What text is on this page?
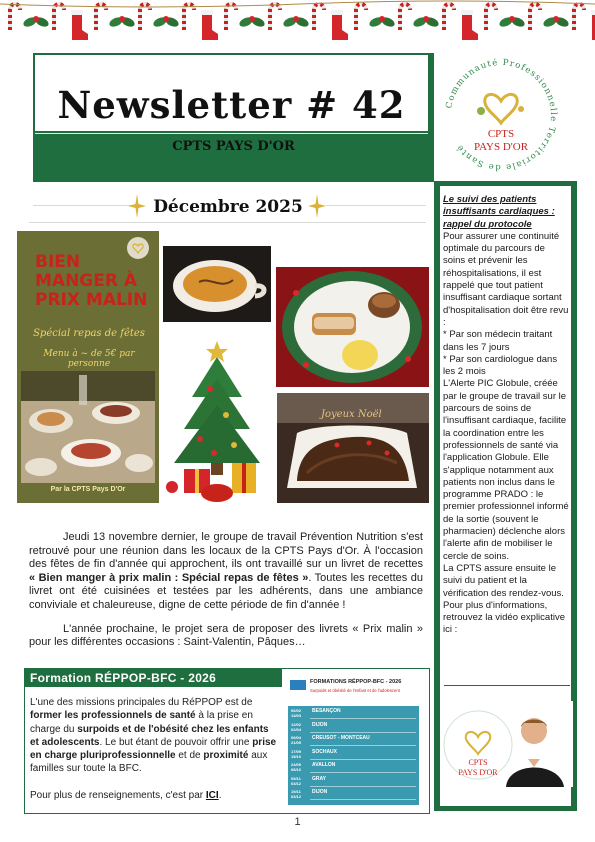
Newsletter # 42
CPTS PAYS D'OR
Communauté Professionnelle Territoriale de Santé
CPTS
PAYS D'OR
Décembre 2025
BIEN MANGER À PRIX MALIN
Spécial repas de fêtes
Menu à ~ de 5€ par personne
Par la CPTS Pays D'Or
Joyeux Noël

Jeudi 13 novembre dernier, le groupe de travail Prévention Nutrition s'est retrouvé pour une réunion dans les locaux de la CPTS Pays d'Or. À l'occasion des fêtes de fin d'année qui approchent, ils ont travaillé sur un livret de recettes « Bien manger à prix malin : Spécial repas de fêtes ». Toutes les recettes du livret ont été cuisinées et testées par les adhérents, dans une ambiance conviviale et chaleureuse, digne de cette période de fin d'année !

L'année prochaine, le projet sera de proposer des livrets « Prix malin » pour les différentes occasions : Saint-Valentin, Pâques…

Formation RÉPPOP-BFC - 2026

L'une des missions principales du RéPPOP est de former les professionnels de santé à la prise en charge du surpoids et de l'obésité chez les enfants et adolescents. Le but étant de pouvoir offrir une prise en charge pluriprofessionnelle et de proximité aux familles sur toute la BFC.

Pour plus de renseignements, c'est par ICI.

FORMATIONS RÉPPOP-BFC - 2026
Surpoids et obésité de l'enfant et de l'adolescent
06/02 13/03
BESANÇON
12/02 02/04
DIJON
09/04 21/05
CREUSOT - MONTCEAU
17/09 15/10
SOCHAUX
24/09 08/10
AVALLON
05/11 03/12
GRAY
19/11 03/12
DIJON

Le suivi des patients insuffisants cardiaques : rappel du protocole

Pour assurer une continuité optimale du parcours de soins et prévenir les réhospitalisations, il est rappelé que tout patient insuffisant cardiaque sortant d'hospitalisation doit être revu :

* Par son médecin traitant dans les 7 jours

* Par son cardiologue dans les 2 mois

L'Alerte PIC Globule, créée par le groupe de travail sur le parcours de soins de l'insuffisant cardiaque, facilite la coordination entre les professionnels de santé via l'application Globule. Elle s'applique notamment aux patients non inclus dans le programme PRADO : le premier professionnel informé de la sortie (souvent le pharmacien) déclenche alors l'alerte afin de mobiliser le cercle de soins.

La CPTS assure ensuite le suivi du patient et la vérification des rendez-vous.

Pour plus d'informations, retrouvez la vidéo explicative ici :

CPTS
PAYS D'OR
1
